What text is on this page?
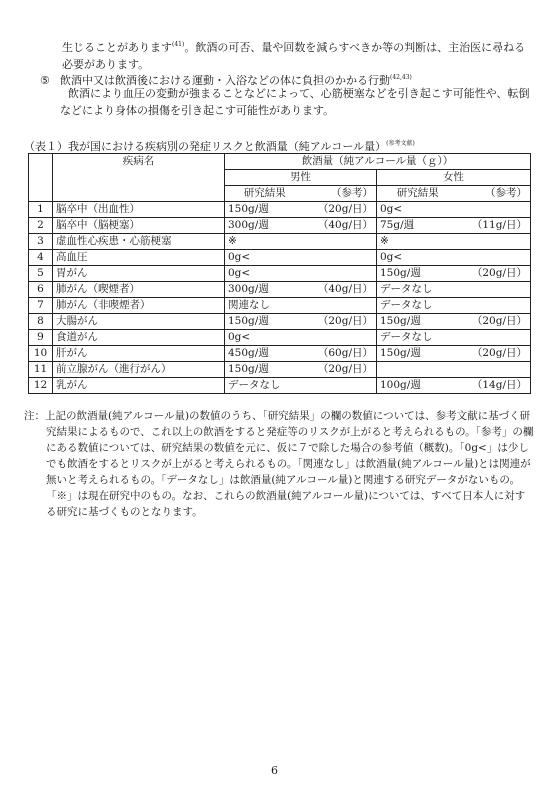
生じることがあります$^{(41)}$。飲酒の可否、量や回数を減らすべきか等の判断は、主治医に尋ねる必要があります。
⑤ 飲酒中又は飲酒後における運動・入浴などの体に負担のかかる行動$^{(42,43)}$
飲酒により血圧の変動が強まることなどによって、心筋梗塞などを引き起こす可能性や、転倒などにより身体の損傷を引き起こす可能性があります。
（表１）我が国における疾病別の発症リスクと飲酒量（純アルコール量）$^{(参考文献)}$
	疾病名	飲酒量（純アルコール量（ｇ））			
		男性		女性	
		研究結果	（参考）	研究結果	（参考）
1	脳卒中（出血性）	150g/週	（20g/日）	0g<	
2	脳卒中（脳梗塞）	300g/週	（40g/日）	75g/週	（11g/日）
3	虚血性心疾患・心筋梗塞	※		※	
4	高血圧	0g<		0g<	
5	胃がん	0g<		150g/週	（20g/日）
6	肺がん（喫煙者）	300g/週	（40g/日）	データなし	
7	肺がん（非喫煙者）	関連なし		データなし	
8	大腸がん	150g/週	（20g/日）	150g/週	（20g/日）
9	食道がん	0g<		データなし	
10	肝がん	450g/週	（60g/日）	150g/週	（20g/日）
11	前立腺がん（進行がん）	150g/週	（20g/日）		
12	乳がん	データなし		100g/週	（14g/日）
注：上記の飲酒量(純アルコール量)の数値のうち、「研究結果」の欄の数値については、参考文献に基づく研究結果によるもので、これ以上の飲酒をすると発症等のリスクが上がると考えられるもの。「参考」の欄にある数値については、研究結果の数値を元に、仮に７で除した場合の参考値（概数)。「0g<」は少しでも飲酒をするとリスクが上がると考えられるもの。「関連なし」は飲酒量(純アルコール量)とは関連が無いと考えられるもの。「データなし」は飲酒量(純アルコール量)と関連する研究データがないもの。「※」は現在研究中のもの。なお、これらの飲酒量(純アルコール量)については、すべて日本人に対する研究に基づくものとなります。
6
